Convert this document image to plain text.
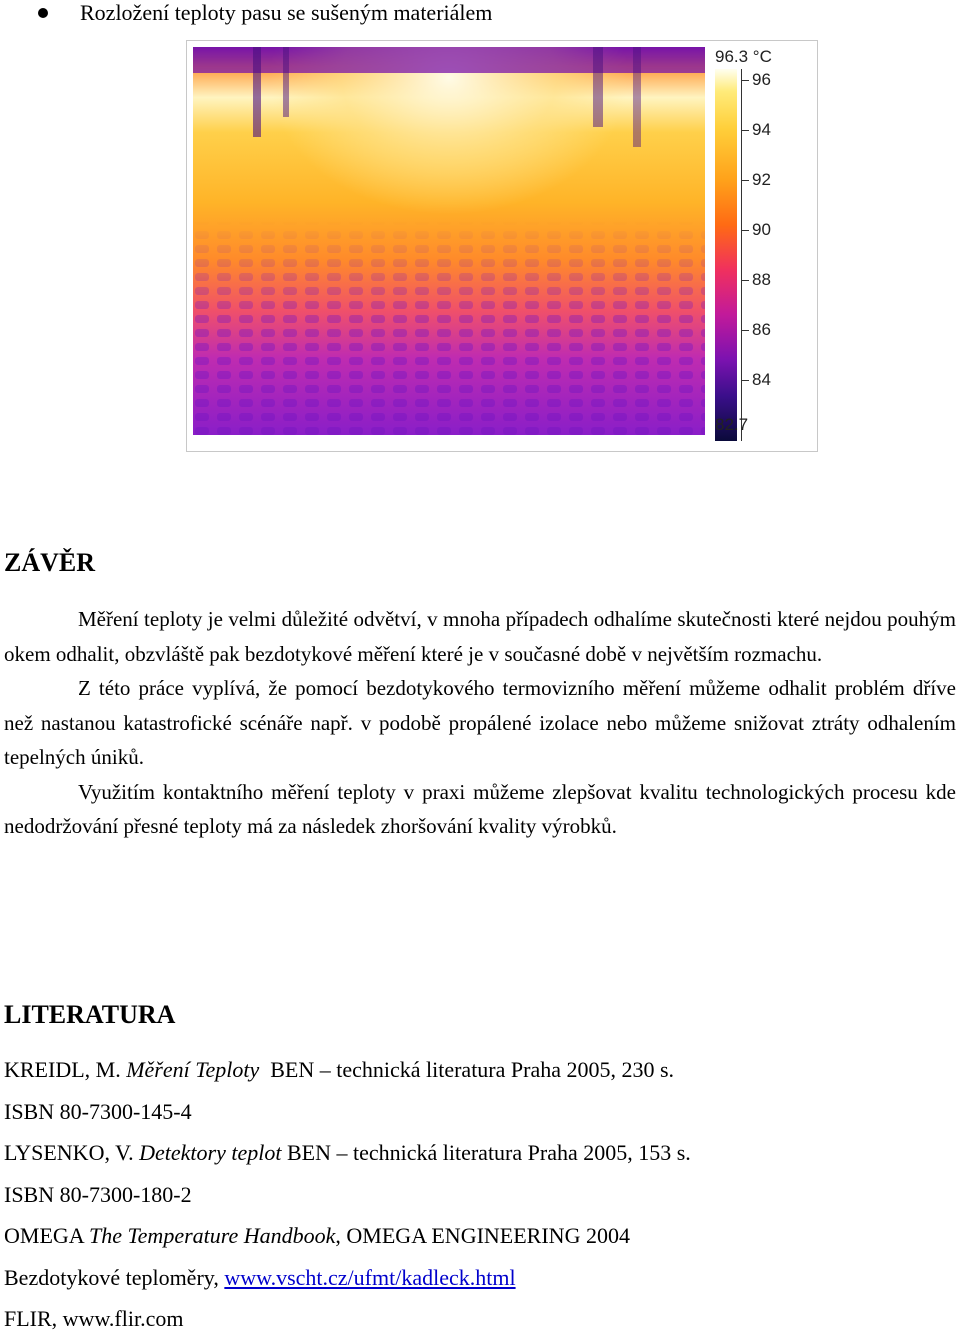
Rozložení teploty pasu se sušeným materiálem
96.3 °C
96
94
92
90
88
86
84
82.7
ZÁVĚR

Měření teploty je velmi důležité odvětví, v mnoha případech odhalíme skutečnosti které nejdou pouhým okem odhalit, obzvláště pak bezdotykové měření které je v současné době v největším rozmachu.

Z této práce vyplívá, že pomocí bezdotykového termovizního měření můžeme odhalit problém dříve než nastanou katastrofické scénáře např. v podobě propálené izolace nebo můžeme snižovat ztráty odhalením tepelných úniků.

Využitím kontaktního měření teploty v praxi můžeme zlepšovat kvalitu technologických procesu kde nedodržování přesné teploty má za následek zhoršování kvality výrobků.

LITERATURA
KREIDL, M. Měření Teploty  BEN – technická literatura Praha 2005, 230 s.
ISBN 80-7300-145-4
LYSENKO, V. Detektory teplot BEN – technická literatura Praha 2005, 153 s.
ISBN 80-7300-180-2
OMEGA The Temperature Handbook, OMEGA ENGINEERING 2004
Bezdotykové teploměry, www.vscht.cz/ufmt/kadleck.html
FLIR, www.flir.com
